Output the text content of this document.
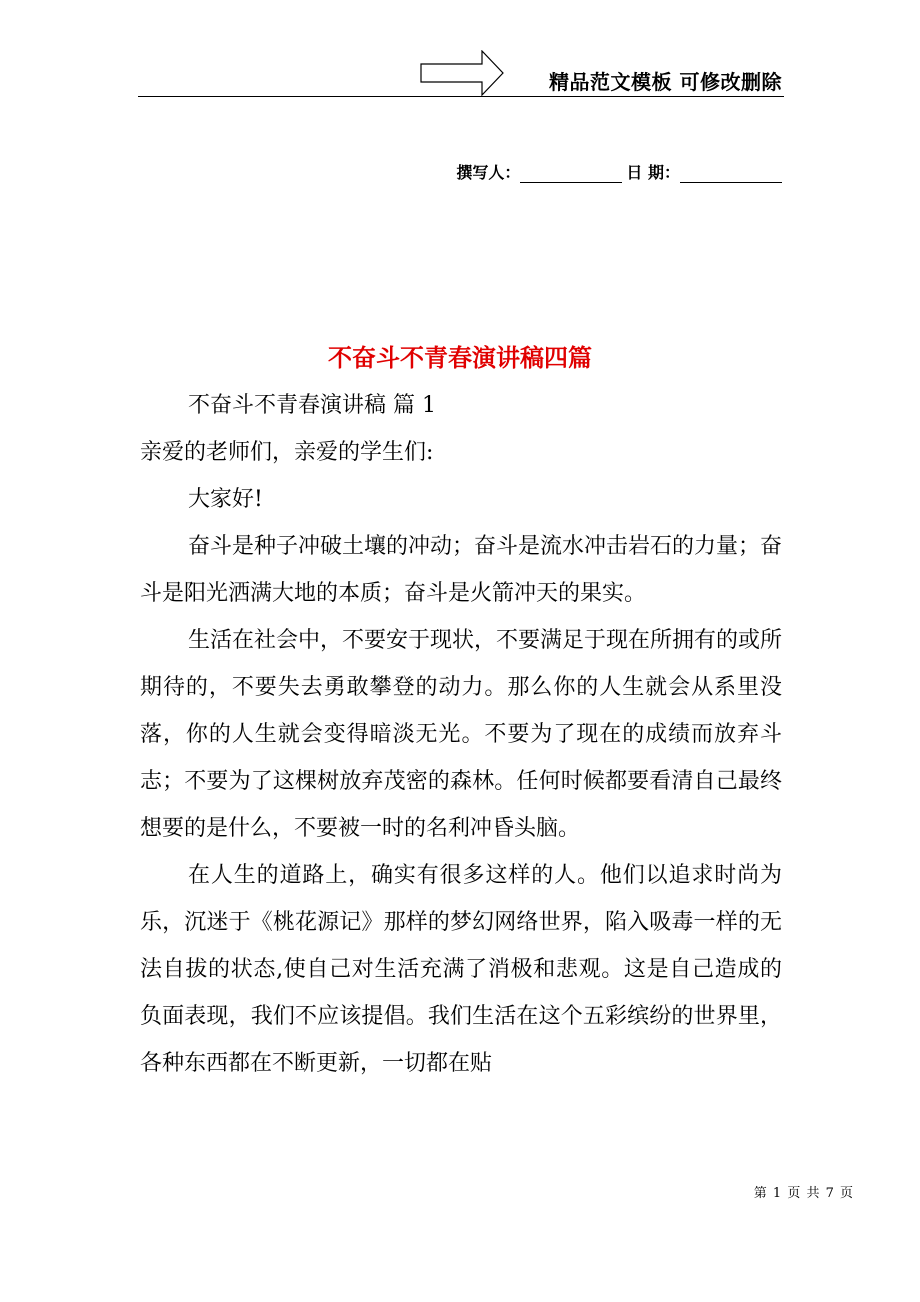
精品范文模板 可修改删除
撰写人：	日 期：
不奋斗不青春演讲稿四篇

不奋斗不青春演讲稿 篇 1

亲爱的老师们，亲爱的学生们:

大家好!

奋斗是种子冲破土壤的冲动；奋斗是流水冲击岩石的力量；奋斗是阳光洒满大地的本质；奋斗是火箭冲天的果实。

生活在社会中，不要安于现状，不要满足于现在所拥有的或所期待的，不要失去勇敢攀登的动力。那么你的人生就会从系里没落，你的人生就会变得暗淡无光。不要为了现在的成绩而放弃斗志；不要为了这棵树放弃茂密的森林。任何时候都要看清自己最终想要的是什么，不要被一时的名利冲昏头脑。

在人生的道路上，确实有很多这样的人。他们以追求时尚为乐，沉迷于《桃花源记》那样的梦幻网络世界，陷入吸毒一样的无法自拔的状态,使自己对生活充满了消极和悲观。这是自己造成的负面表现，我们不应该提倡。我们生活在这个五彩缤纷的世界里，各种东西都在不断更新，一切都在贴

第 1 页 共 7 页
